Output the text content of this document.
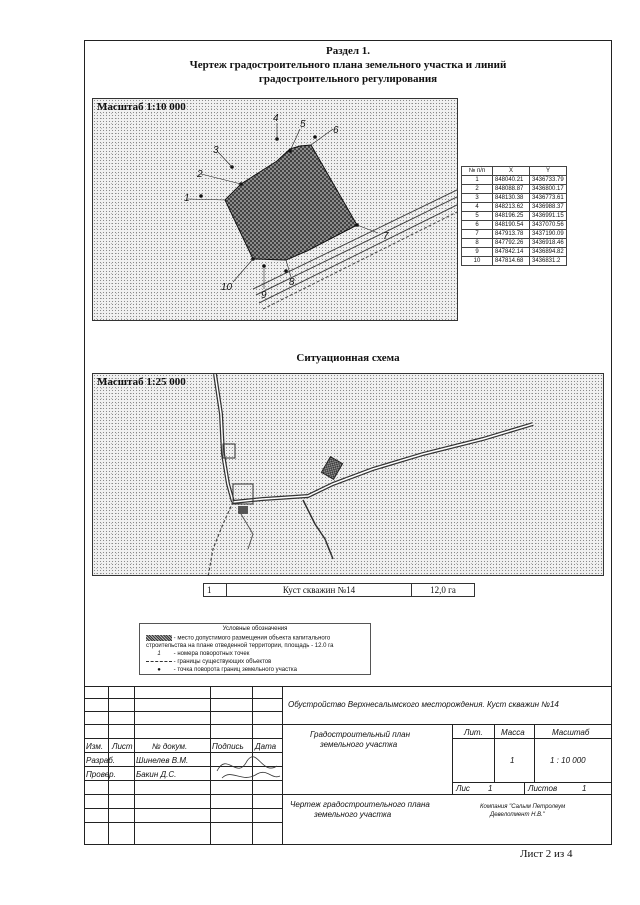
Раздел 1.
Чертеж градостроительного плана земельного участка и линий
градостроительного регулирования
Масштаб 1:10 000
1
2
3
4
5
6
7
8
9
10
№ п/п	X	Y
1	848040.21	3436733.79
2	848088.87	3436800.17
3	848130.38	3436773.61
4	848213.62	3436988.37
5	848196.25	3436991.15
6	848190.54	3437070.56
7	847913.78	3437190.09
8	847792.26	3436918.46
9	847842.14	3436894.82
10	847814.68	3436831.2
Ситуационная схема
Масштаб 1:25 000
1	Куст скважин №14	12,0 га
Условные обозначения
- место допустимого размещения объекта капитального
строительства на плане отведенной территории, площадь - 12.0 га
1 - номера поворотных точек
- границы существующих объектов
● - точка поворота границ земельного участка
Изм. Лист № докум.	Подпись Дата
Разраб.	Шинелев В.М.
Провер.	Бакин Д.С.
Обустройство Верхнесалымского месторождения. Куст скважин №14
Градостроительный план
земельного участка
Лит. Масса	Масштаб
1	1 : 10 000
Лис 1	Листов	1
Чертеж градостроительного плана
земельного участка
Компания "Салым Петролеум
Девелопмент Н.В."
Лист 2 из 4
